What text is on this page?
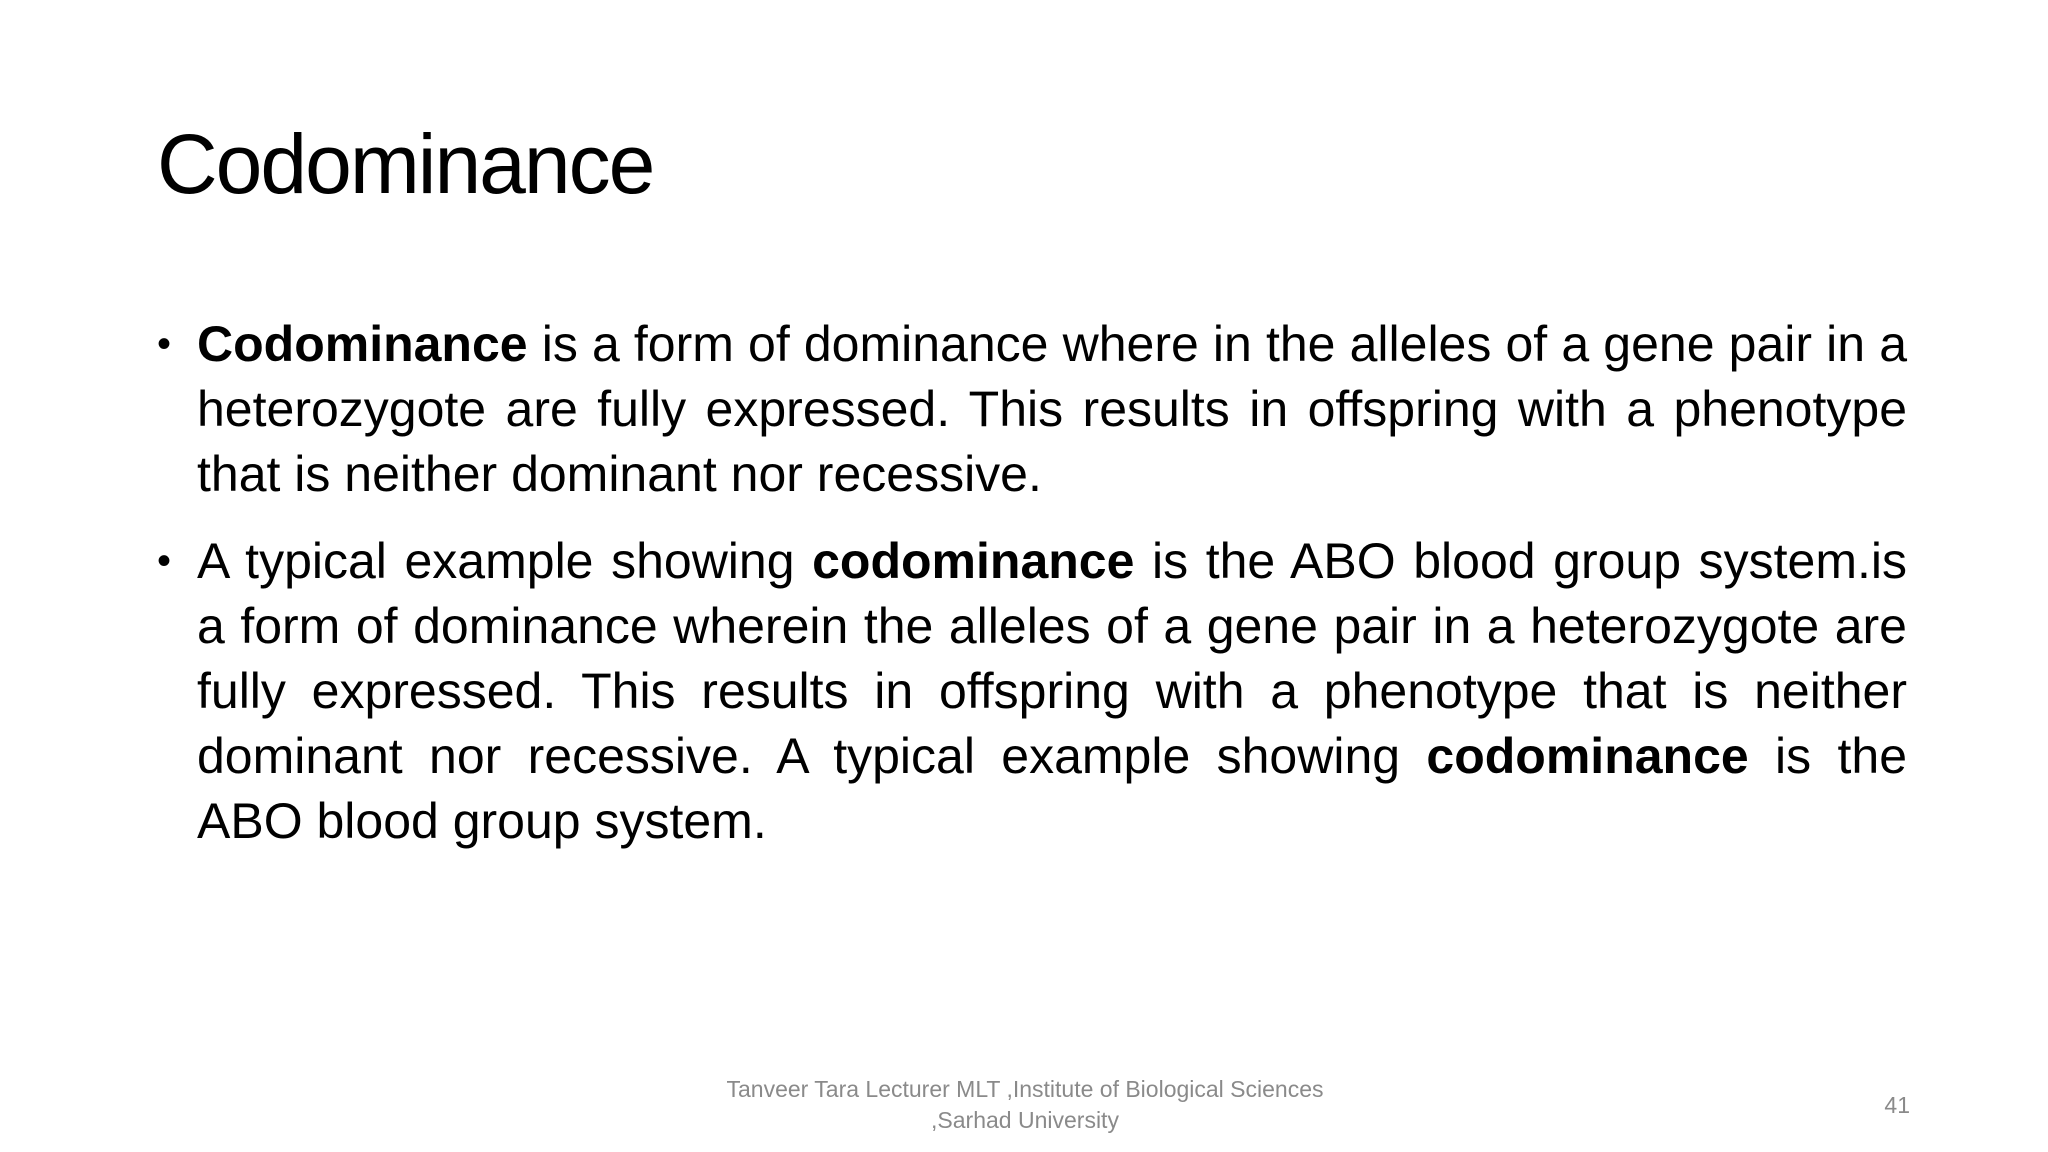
Codominance

• Codominance is a form of dominance where in the alleles of a gene pair in a heterozygote are fully expressed. This results in offspring with a phenotype that is neither dominant nor recessive.

• A typical example showing codominance is the ABO blood group system.is a form of dominance wherein the alleles of a gene pair in a heterozygote are fully expressed. This results in offspring with a phenotype that is neither dominant nor recessive. A typical example showing codominance is the ABO blood group system.

Tanveer Tara Lecturer MLT ,Institute of Biological Sciences
,Sarhad University
41
